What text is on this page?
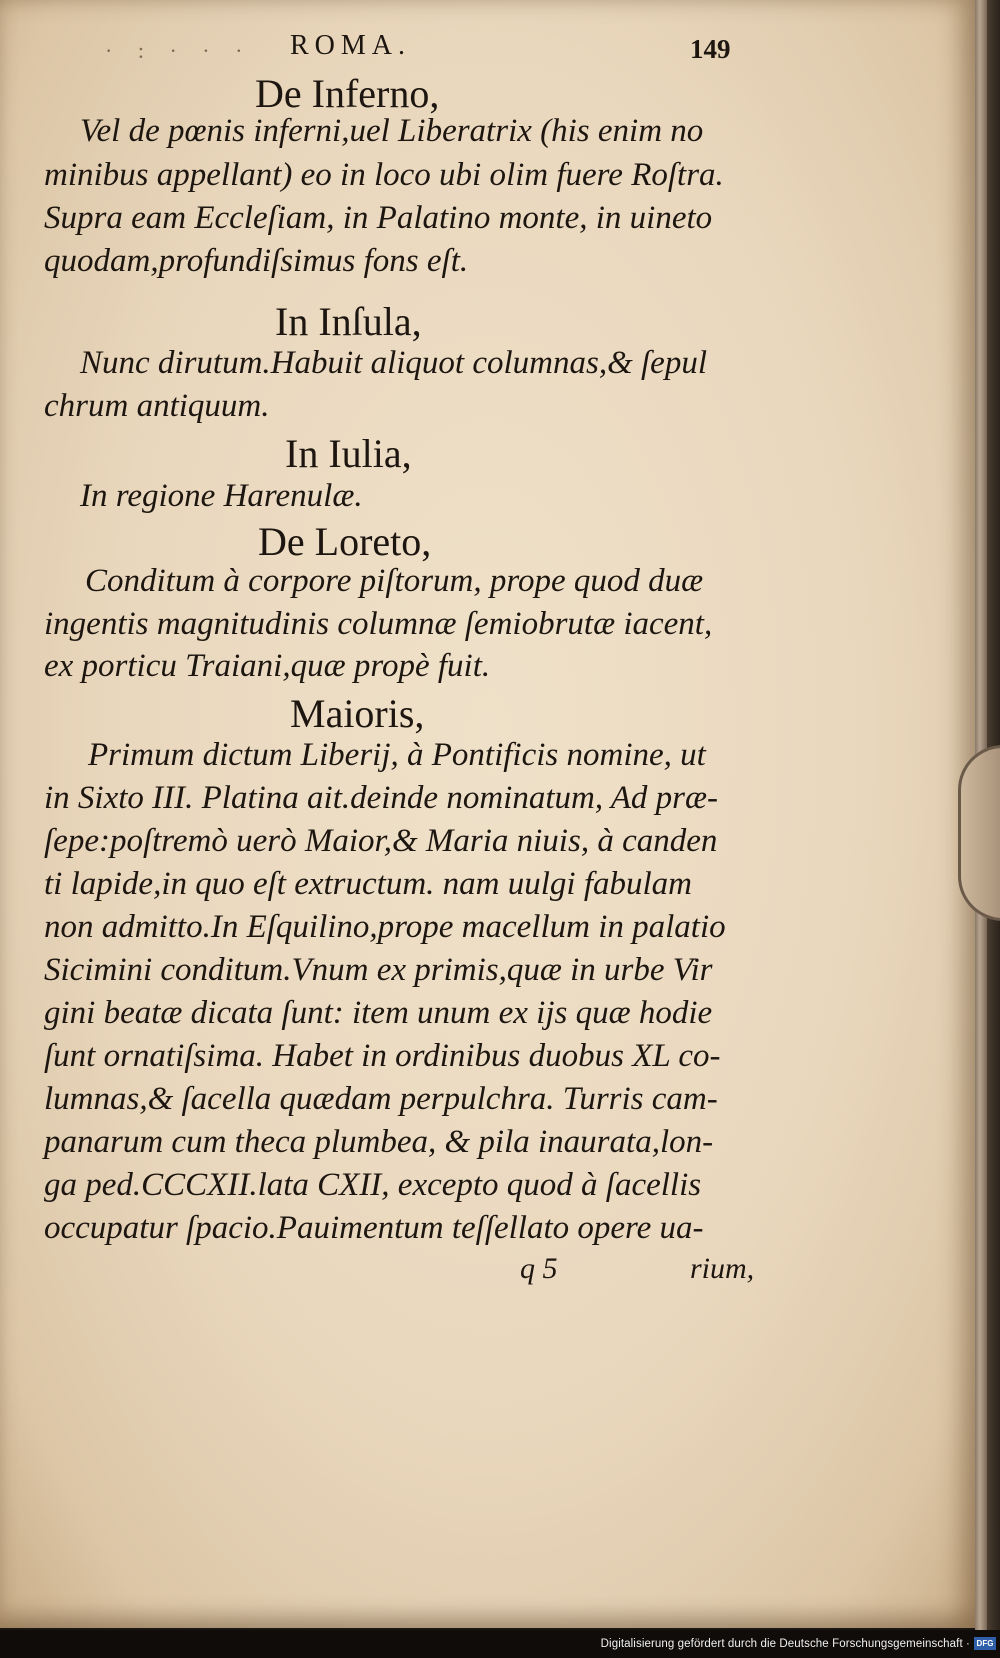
· : · · · ROMA.	149
De Inferno,
Vel de pœnis inferni,uel Liberatrix (his enim no
minibus appellant) eo in loco ubi olim fuere Roſtra.
Supra eam Eccleſiam, in Palatino monte, in uineto
quodam,profundiſsimus fons eſt.
In Inſula,
Nunc dirutum.Habuit aliquot columnas,& ſepul
chrum antiquum.
In Iulia,
In regione Harenulæ.
De Loreto,
Conditum à corpore piſtorum, prope quod duæ
ingentis magnitudinis columnæ ſemiobrutæ iacent,
ex porticu Traiani,quæ propè fuit.
Maioris,
Primum dictum Liberij, à Pontificis nomine, ut
in Sixto III. Platina ait.deinde nominatum, Ad præ-
ſepe:poſtremò uerò Maior,& Maria niuis, à canden
ti lapide,in quo eſt extructum. nam uulgi fabulam
non admitto.In Eſquilino,prope macellum in palatio
Sicimini conditum.Vnum ex primis,quæ in urbe Vir
gini beatæ dicata ſunt: item unum ex ijs quæ hodie
ſunt ornatiſsima. Habet in ordinibus duobus XL co-
lumnas,& ſacella quædam perpulchra. Turris cam-
panarum cum theca plumbea, & pila inaurata,lon-
ga ped.CCCXII.lata CXII, excepto quod à ſacellis
occupatur ſpacio.Pauimentum teſſellato opere ua-
q 5	rium,
Digitalisierung gefördert durch die Deutsche Forschungsgemeinschaft · DFG
